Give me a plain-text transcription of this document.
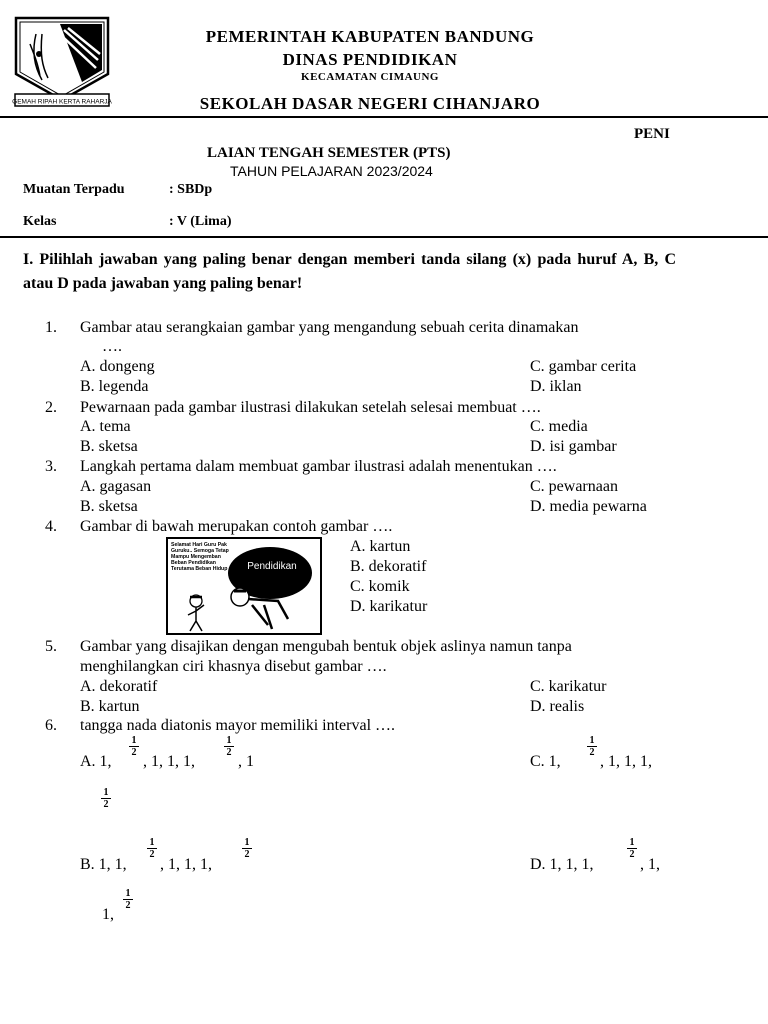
GEMAH RIPAH KERTA RAHARJA
PEMERINTAH KABUPATEN BANDUNG
DINAS PENDIDIKAN
KECAMATAN CIMAUNG
SEKOLAH DASAR NEGERI CIHANJARO
PENI
LAIAN TENGAH SEMESTER (PTS)
TAHUN PELAJARAN 2023/2024
Muatan Terpadu	: SBDp
Kelas	: V (Lima)
I. Pilihlah jawaban yang paling benar dengan memberi tanda silang (x) pada huruf A, B, C atau D pada jawaban yang paling benar!
1. Gambar atau serangkaian gambar yang mengandung sebuah cerita dinamakan
….
A. dongeng
B. legenda
C. gambar cerita
D. iklan
2. Pewarnaan pada gambar ilustrasi dilakukan setelah selesai membuat ….
A. tema
B. sketsa
C. media
D. isi gambar
3. Langkah pertama dalam membuat gambar ilustrasi adalah menentukan ….
A. gagasan
B. sketsa
C. pewarnaan
D. media pewarna
4. Gambar di bawah merupakan contoh gambar ….
Selamat Hari Guru Pak Guruku.. Semoga Tetap Mampu Mengemban Beban Pendidikan Terutama Beban Hidup	Pendidikan
A. kartun
B. dekoratif
C. komik
D. karikatur
5. Gambar yang disajikan dengan mengubah bentuk objek aslinya namun tanpa
menghilangkan ciri khasnya disebut gambar ….
A. dekoratif
B. kartun
C. karikatur
D. realis
6. tangga nada diatonis mayor memiliki interval ….
A. 1,
1
2
, 1, 1, 1,
1
2
, 1
1
2
C. 1,
1
2
, 1, 1, 1,
B. 1, 1,
1
2
, 1, 1, 1,
1
2
D. 1, 1, 1,
1
2
, 1,
1,
1
2
